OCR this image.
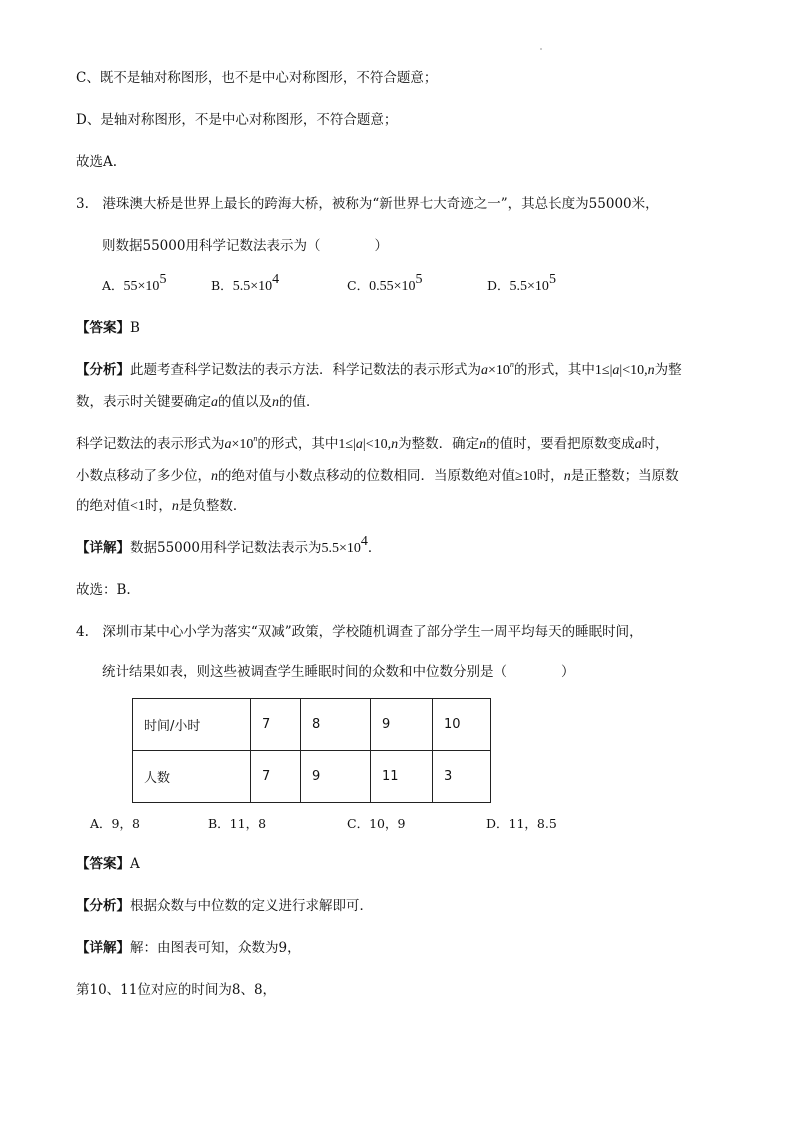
C、既不是轴对称图形，也不是中心对称图形，不符合题意；
D、是轴对称图形，不是中心对称图形，不符合题意；
故选A.
3.　港珠澳大桥是世界上最长的跨海大桥，被称为“新世界七大奇迹之一”，其总长度为55000米，
则数据55000用科学记数法表示为（　　　　）
A．$55\times 10^5$	B．$5.5\times 10^4$	C．$0.55\times 10^5$	D．$5.5\times 10^5$
【答案】B
【分析】此题考查科学记数法的表示方法．科学记数法的表示形式为$a\times 10^n$的形式，其中1≤|a|<10,n为整
数，表示时关键要确定a的值以及n的值．
科学记数法的表示形式为$a\times 10^n$的形式，其中1≤|a|<10,n为整数．确定n的值时，要看把原数变成a时，
小数点移动了多少位，n的绝对值与小数点移动的位数相同．当原数绝对值≥10时，n是正整数；当原数
的绝对值<1时，n是负整数．
【详解】数据55000用科学记数法表示为$5.5\times 10^4$．
故选：B.
4.　深圳市某中心小学为落实“双减”政策，学校随机调查了部分学生一周平均每天的睡眠时间，
统计结果如表，则这些被调查学生睡眠时间的众数和中位数分别是（　　　　）
时间/小时	7	8	9	10
人数	7	9	11	3
A．9，8	B．11，8	C．10，9	D．11，8.5
【答案】A
【分析】根据众数与中位数的定义进行求解即可．
【详解】解：由图表可知，众数为9，
第10、11位对应的时间为8、8，
